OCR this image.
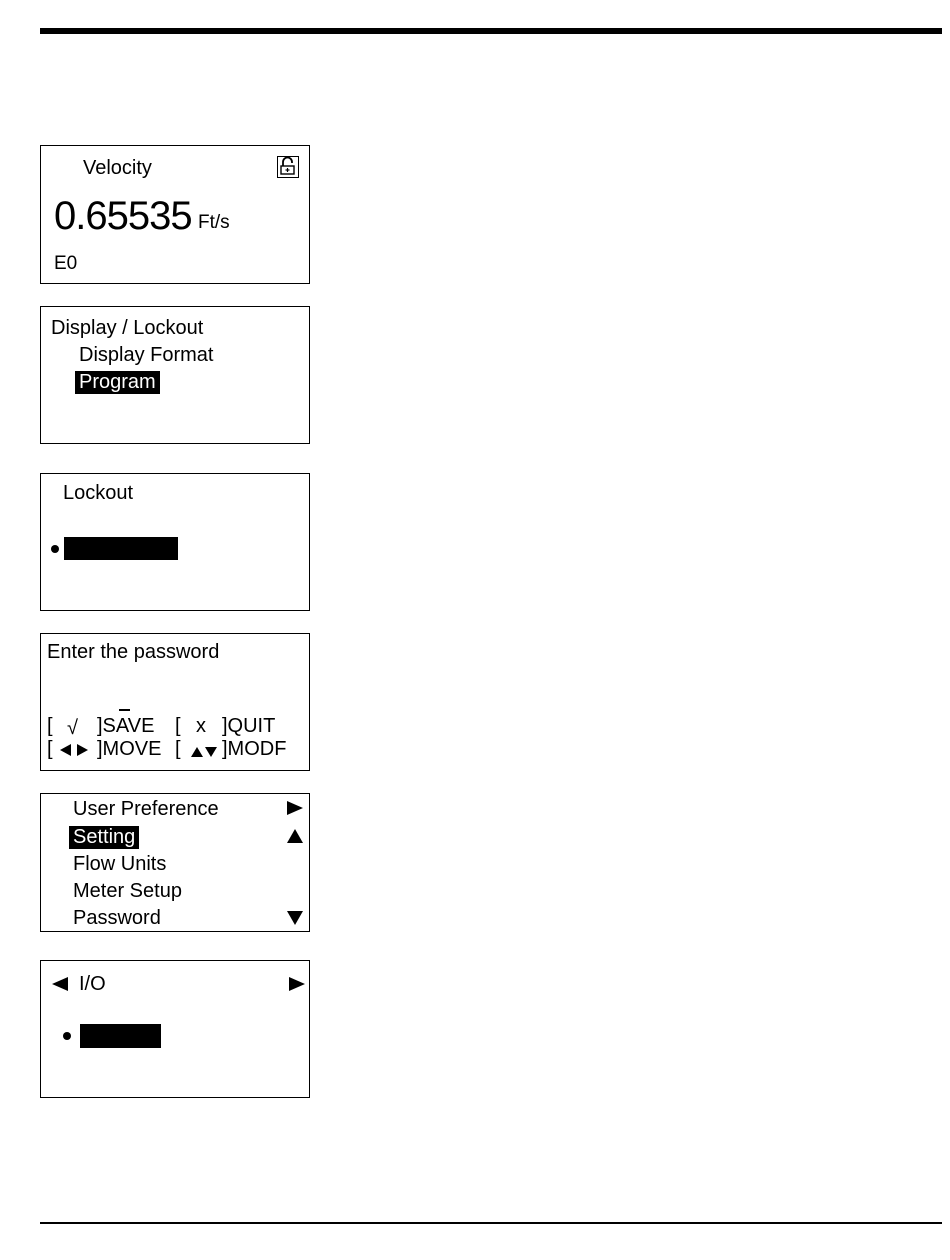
Velocity
0.65535 Ft/s
E0
Display / Lockout
Display Format
Program
Lockout
Enter the password
[ √ ]SAVE [ x ]QUIT
[ ]MOVE [ ]MODF
User Preference
Setting
Flow Units
Meter Setup
Password
I/O
